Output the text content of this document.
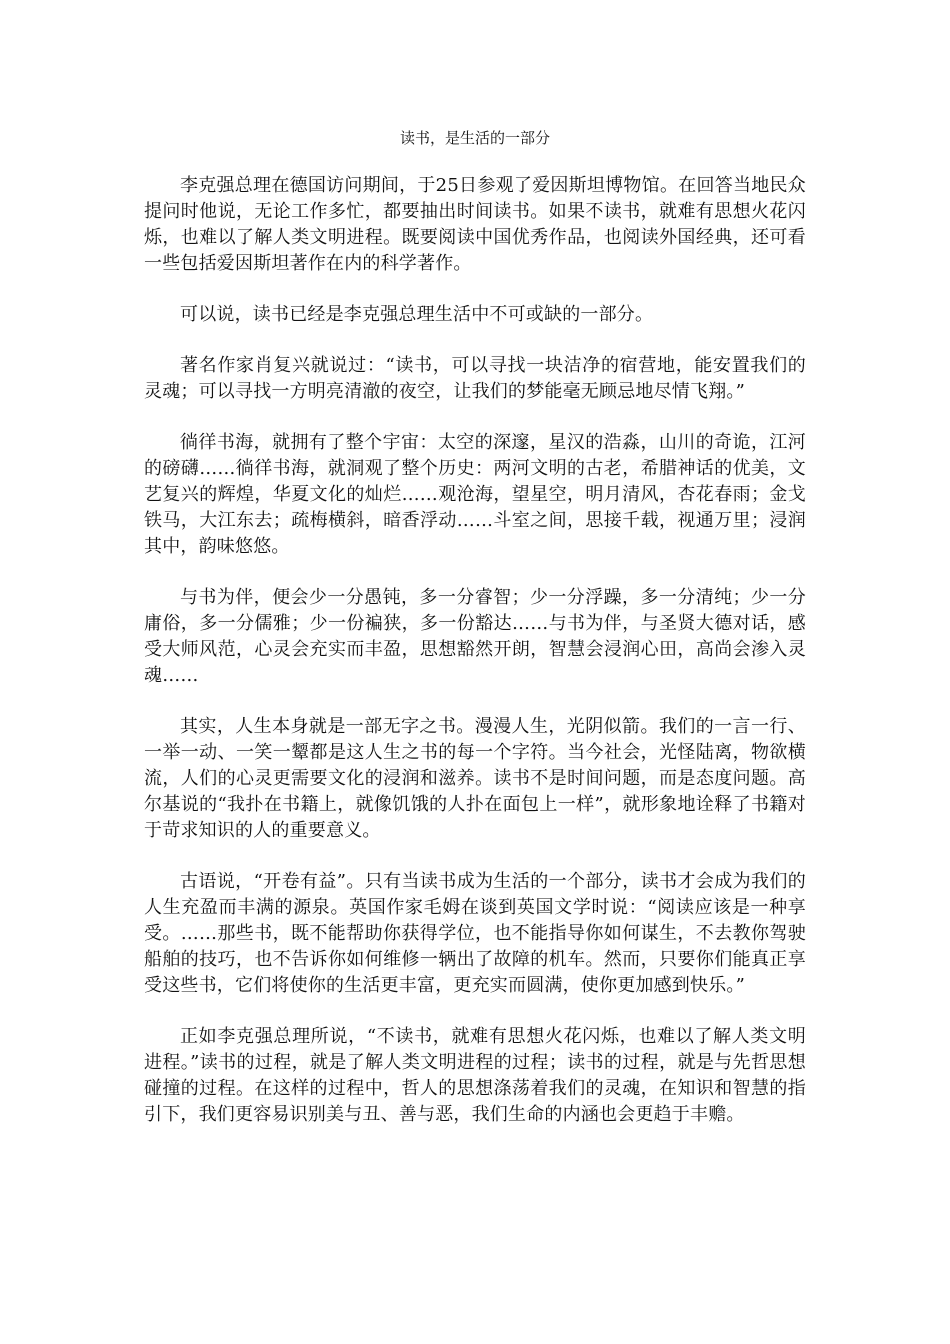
读书，是生活的一部分

李克强总理在德国访问期间，于25日参观了爱因斯坦博物馆。在回答当地民众提问时他说，无论工作多忙，都要抽出时间读书。如果不读书，就难有思想火花闪烁，也难以了解人类文明进程。既要阅读中国优秀作品，也阅读外国经典，还可看一些包括爱因斯坦著作在内的科学著作。

可以说，读书已经是李克强总理生活中不可或缺的一部分。

著名作家肖复兴就说过：“读书，可以寻找一块洁净的宿营地，能安置我们的灵魂；可以寻找一方明亮清澈的夜空，让我们的梦能毫无顾忌地尽情飞翔。”

徜徉书海，就拥有了整个宇宙：太空的深邃，星汉的浩淼，山川的奇诡，江河的磅礴……徜徉书海，就洞观了整个历史：两河文明的古老，希腊神话的优美，文艺复兴的辉煌，华夏文化的灿烂……观沧海，望星空，明月清风，杏花春雨；金戈铁马，大江东去；疏梅横斜，暗香浮动……斗室之间，思接千载，视通万里；浸润其中，韵味悠悠。

与书为伴，便会少一分愚钝，多一分睿智；少一分浮躁，多一分清纯；少一分庸俗，多一分儒雅；少一份褊狭，多一份豁达……与书为伴，与圣贤大德对话，感受大师风范，心灵会充实而丰盈，思想豁然开朗，智慧会浸润心田，高尚会渗入灵魂……

其实，人生本身就是一部无字之书。漫漫人生，光阴似箭。我们的一言一行、一举一动、一笑一颦都是这人生之书的每一个字符。当今社会，光怪陆离，物欲横流，人们的心灵更需要文化的浸润和滋养。读书不是时间问题，而是态度问题。高尔基说的“我扑在书籍上，就像饥饿的人扑在面包上一样”，就形象地诠释了书籍对于苛求知识的人的重要意义。

古语说，“开卷有益”。只有当读书成为生活的一个部分，读书才会成为我们的人生充盈而丰满的源泉。英国作家毛姆在谈到英国文学时说：“阅读应该是一种享受。……那些书，既不能帮助你获得学位，也不能指导你如何谋生，不去教你驾驶船舶的技巧，也不告诉你如何维修一辆出了故障的机车。然而，只要你们能真正享受这些书，它们将使你的生活更丰富，更充实而圆满，使你更加感到快乐。”

正如李克强总理所说，“不读书，就难有思想火花闪烁，也难以了解人类文明进程。”读书的过程，就是了解人类文明进程的过程；读书的过程，就是与先哲思想碰撞的过程。在这样的过程中，哲人的思想涤荡着我们的灵魂，在知识和智慧的指引下，我们更容易识别美与丑、善与恶，我们生命的内涵也会更趋于丰赡。
